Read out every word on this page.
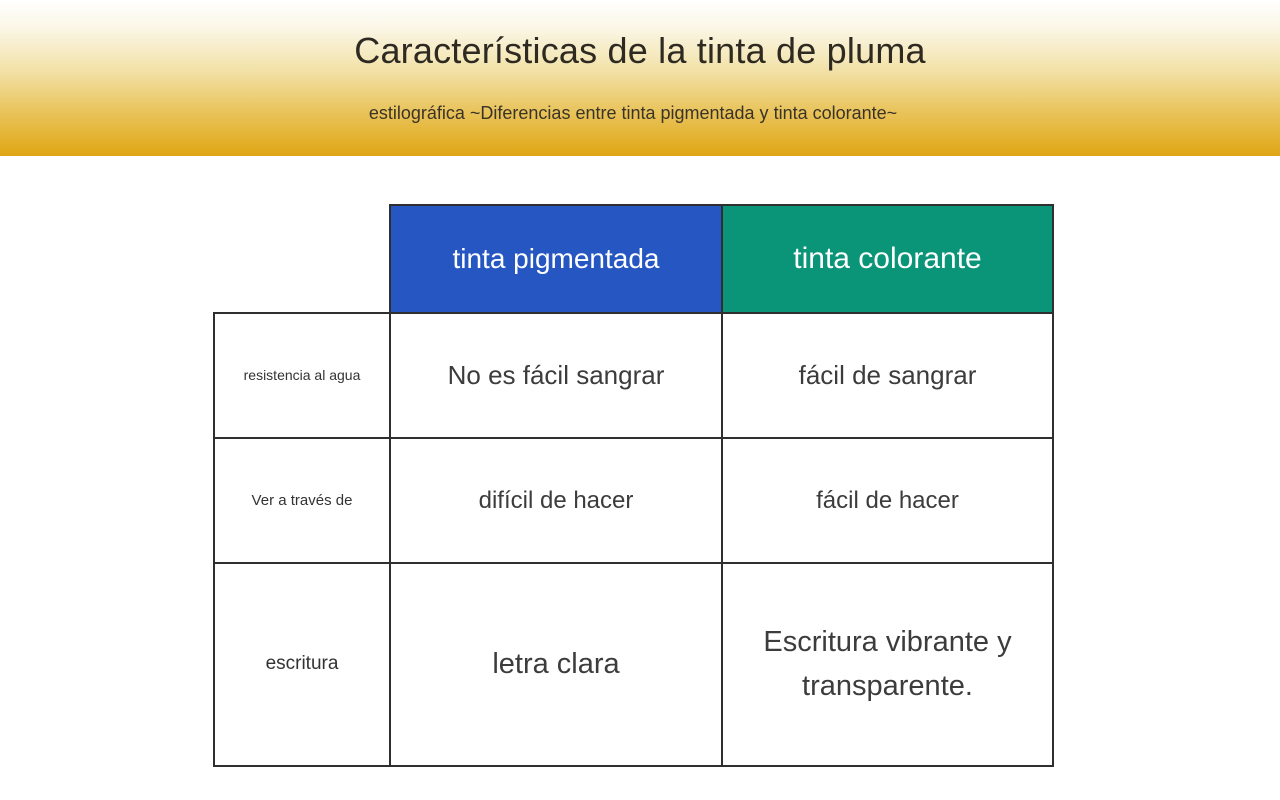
Características de la tinta de pluma
estilográfica ~Diferencias entre tinta pigmentada y tinta colorante~
	tinta pigmentada	tinta colorante
resistencia al agua	No es fácil sangrar	fácil de sangrar
Ver a través de	difícil de hacer	fácil de hacer
escritura	letra clara	Escritura vibrante y
transparente.
